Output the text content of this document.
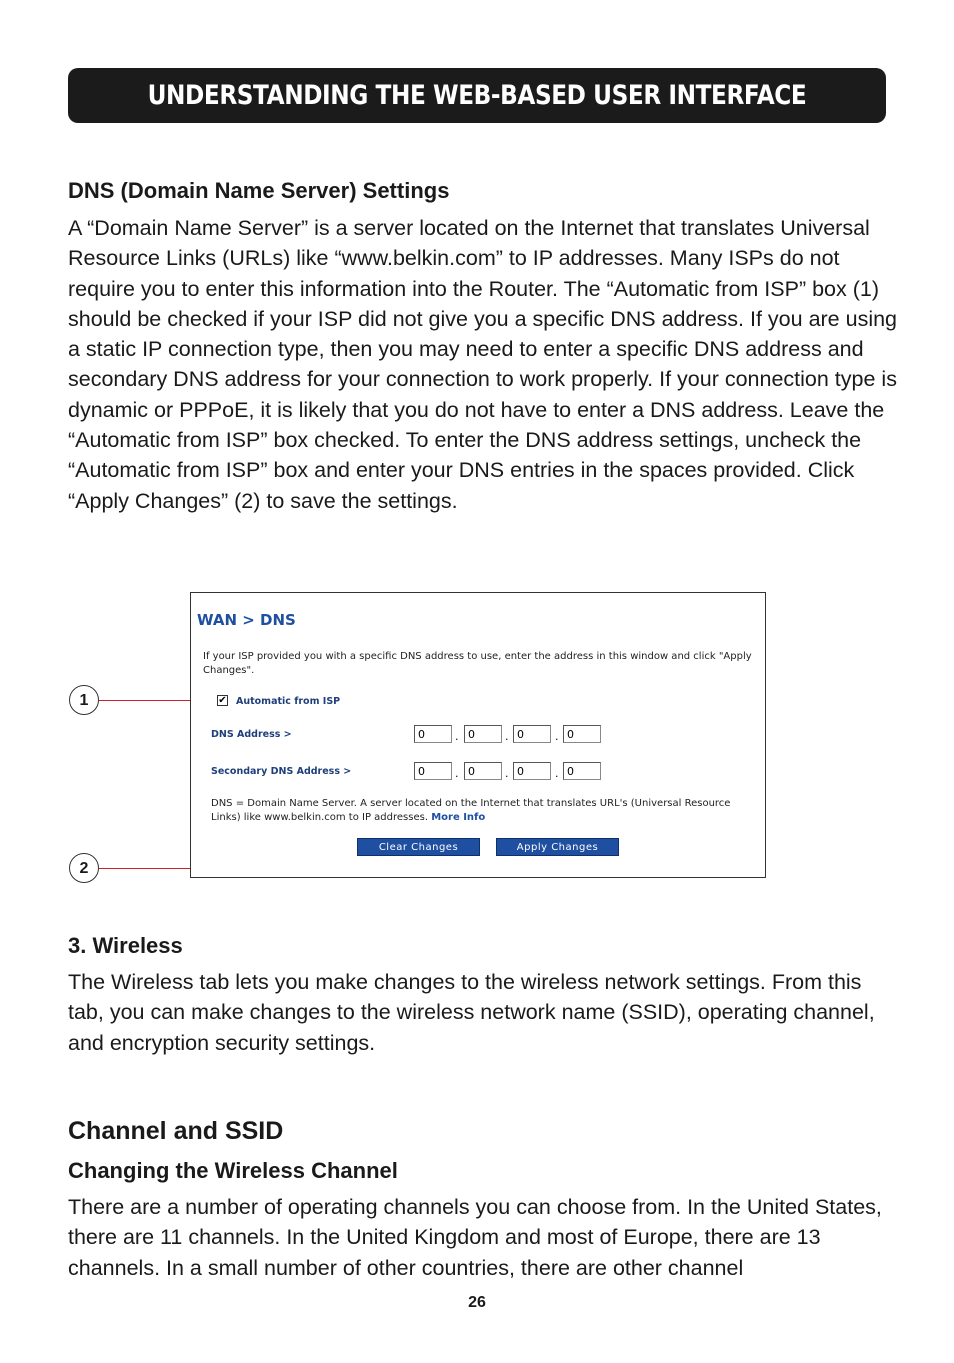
UNDERSTANDING THE WEB-BASED USER INTERFACE
DNS (Domain Name Server) Settings

A “Domain Name Server” is a server located on the Internet that translates Universal Resource Links (URLs) like “www.belkin.com” to IP addresses. Many ISPs do not require you to enter this information into the Router. The “Automatic from ISP” box (1) should be checked if your ISP did not give you a specific DNS address. If you are using a static IP connection type, then you may need to enter a specific DNS address and secondary DNS address for your connection to work properly. If your connection type is dynamic or PPPoE, it is likely that you do not have to enter a DNS address. Leave the “Automatic from ISP” box checked. To enter the DNS address settings, uncheck the “Automatic from ISP” box and enter your DNS entries in the spaces provided. Click “Apply Changes” (2) to save the settings.

1
2
WAN > DNS
If your ISP provided you with a specific DNS address to use, enter the address in this window and click "Apply Changes".
✔ Automatic from ISP
DNS Address >	0	. 0	. 0	. 0
Secondary DNS Address >	0	. 0	. 0	. 0
DNS = Domain Name Server. A server located on the Internet that translates URL's (Universal Resource Links) like www.belkin.com to IP addresses. More Info
Clear Changes	Apply Changes
3. Wireless

The Wireless tab lets you make changes to the wireless network settings. From this tab, you can make changes to the wireless network name (SSID), operating channel, and encryption security settings.

Channel and SSID
Changing the Wireless Channel

There are a number of operating channels you can choose from. In the United States, there are 11 channels. In the United Kingdom and most of Europe, there are 13 channels. In a small number of other countries, there are other channel

26
